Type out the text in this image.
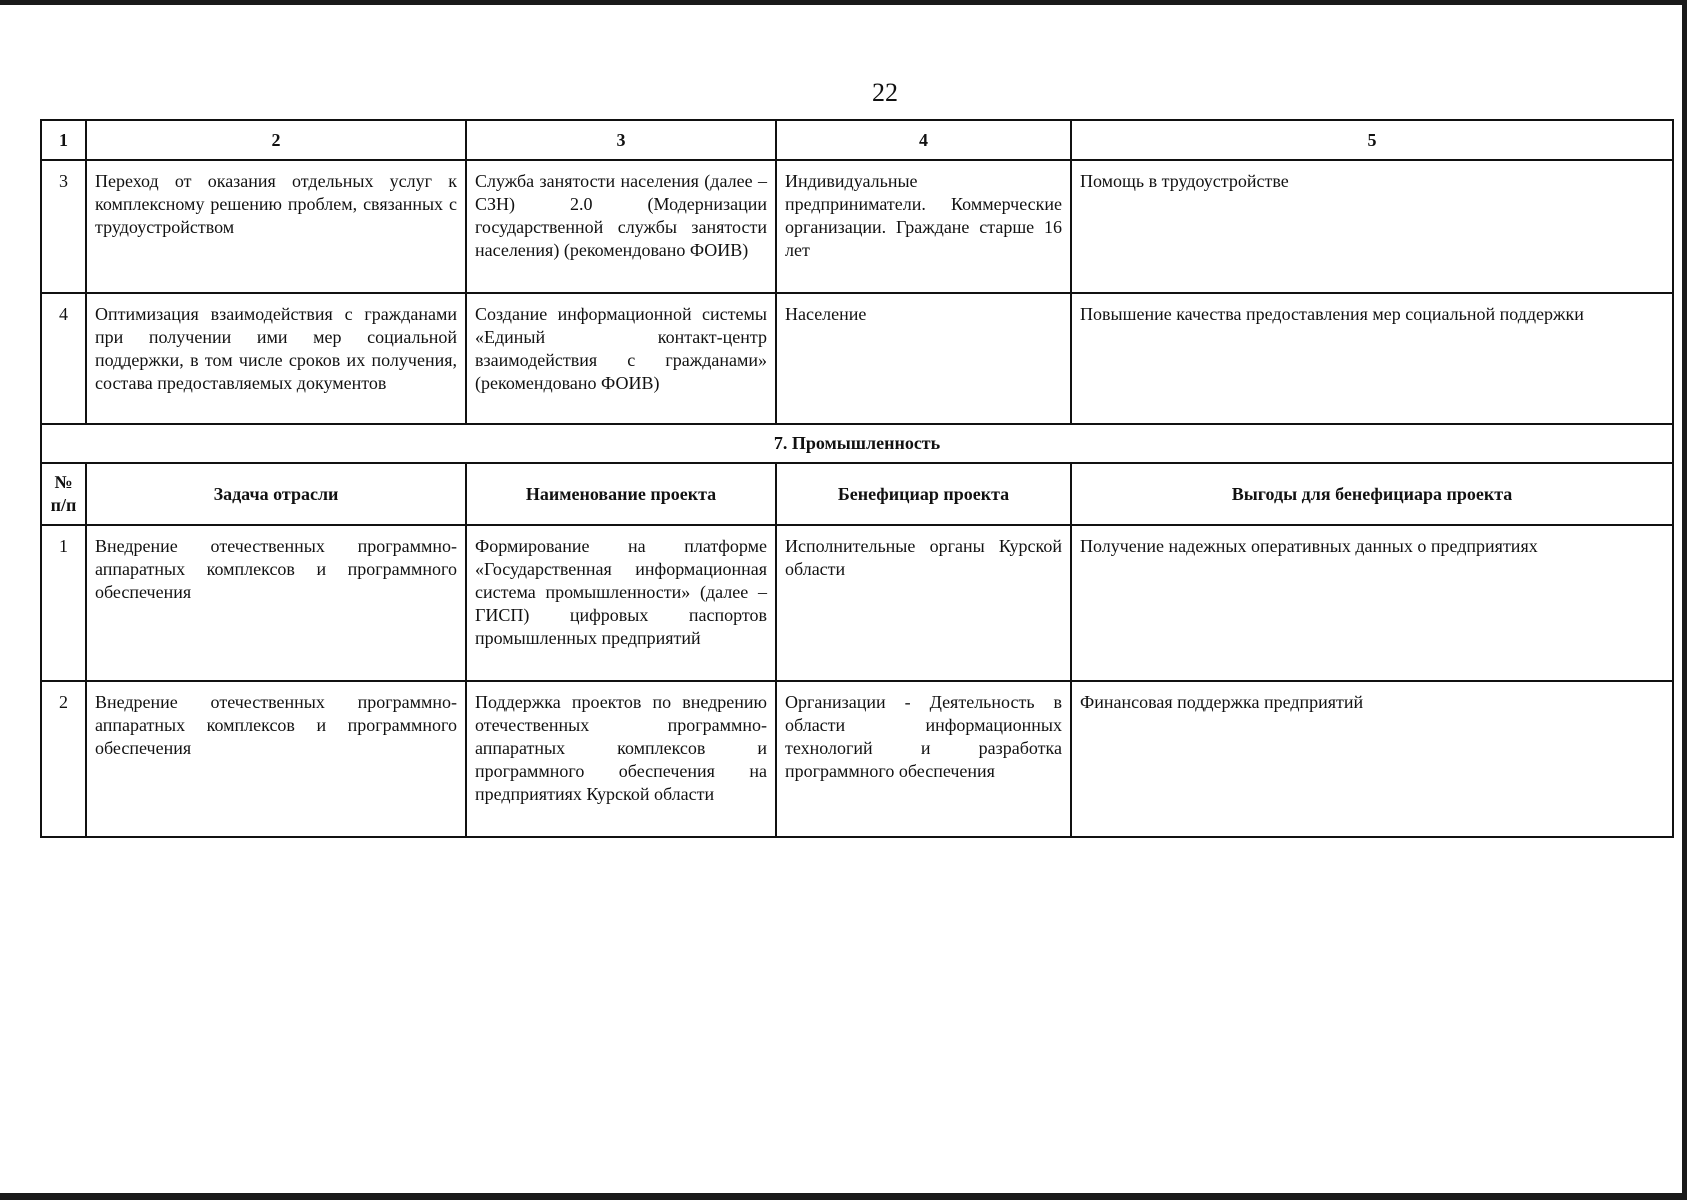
22
1	2	3	4	5
3	Переход от оказания отдельных услуг к комплексному решению проблем, связанных с трудоустройством	Служба занятости населения (далее – СЗН) 2.0 (Модернизации государственной службы занятости населения) (рекомендовано ФОИВ)	Индивидуальные предприниматели. Коммерческие организации. Граждане старше 16 лет	Помощь в трудоустройстве
4	Оптимизация взаимодействия с гражданами при получении ими мер социальной поддержки, в том числе сроков их получения, состава предоставляемых документов	Создание информационной системы «Единый контакт-центр взаимодействия с гражданами» (рекомендовано ФОИВ)	Население	Повышение качества предоставления мер социальной поддержки
7. Промышленность				
№ п/п	Задача отрасли	Наименование проекта	Бенефициар проекта	Выгоды для бенефициара проекта
1	Внедрение отечественных программно-аппаратных комплексов и программного обеспечения	Формирование на платформе «Государственная информационная система промышленности» (далее –ГИСП) цифровых паспортов промышленных предприятий	Исполнительные органы Курской области	Получение надежных оперативных данных о предприятиях
2	Внедрение отечественных программно-аппаратных комплексов и программного обеспечения	Поддержка проектов по внедрению отечественных программно-аппаратных комплексов и программного обеспечения на предприятиях Курской области	Организации - Деятельность в области информационных технологий и разработка программного обеспечения	Финансовая поддержка предприятий
